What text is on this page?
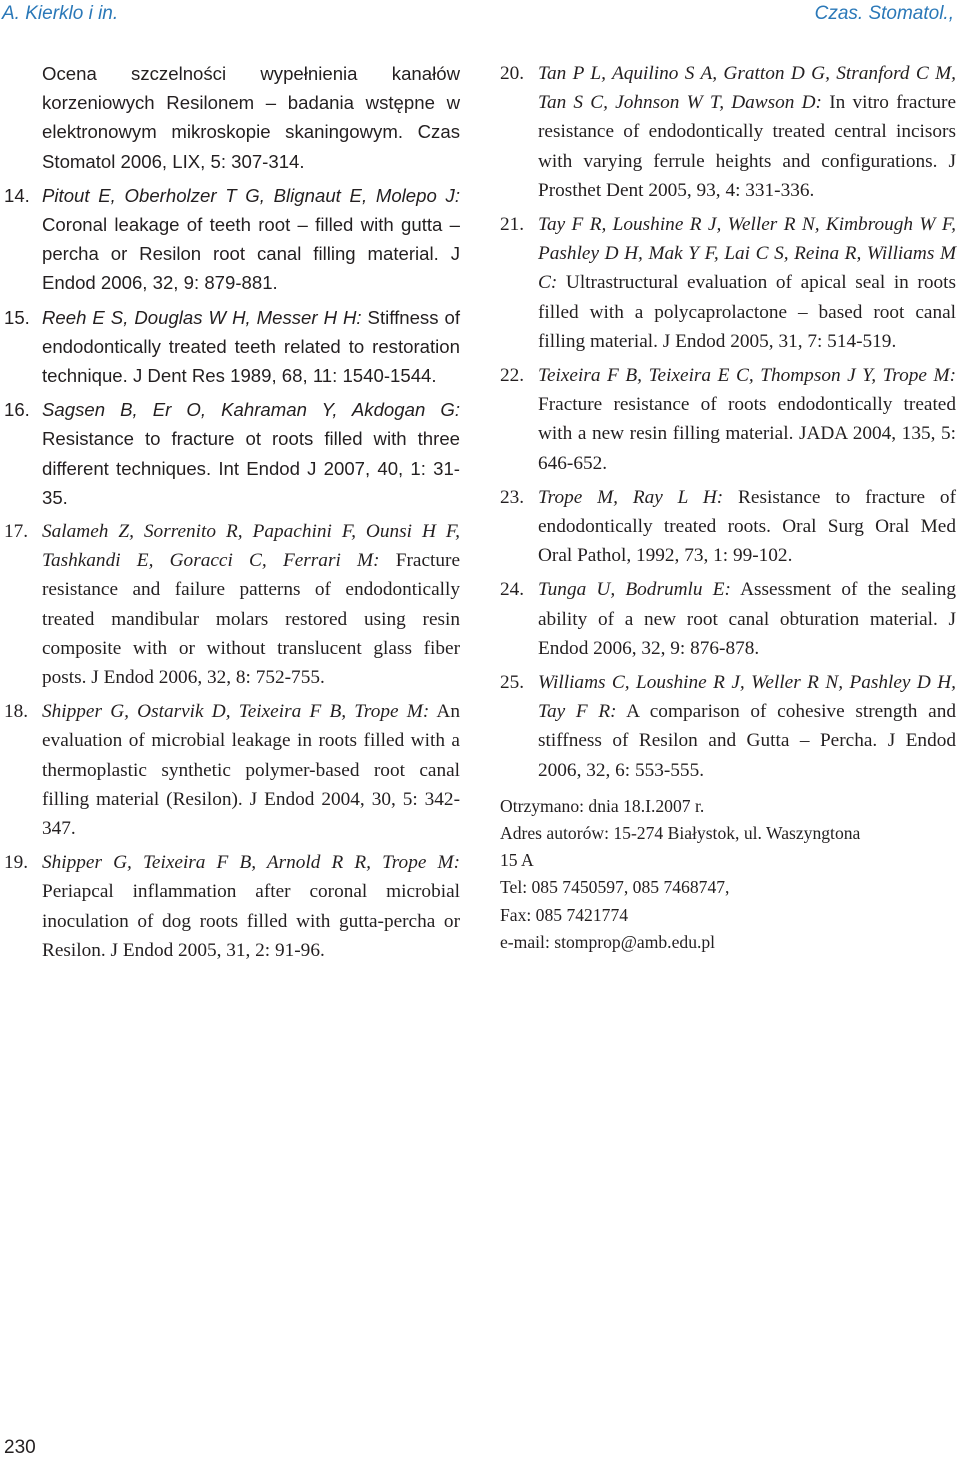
A. Kierklo i in.	Czas. Stomatol.,
Ocena szczelności wypełnienia kanałów korzeniowych Resilonem – badania wstępne w elektronowym mikroskopie skaningowym. Czas Stomatol 2006, LIX, 5: 307-314.
14. Pitout E, Oberholzer T G, Blignaut E, Molepo J: Coronal leakage of teeth root – filled with gutta – percha or Resilon root canal filling material. J Endod 2006, 32, 9: 879-881.
15. Reeh E S, Douglas W H, Messer H H: Stiffness of endodontically treated teeth related to restoration technique. J Dent Res 1989, 68, 11: 1540-1544.
16. Sagsen B, Er O, Kahraman Y, Akdogan G: Resistance to fracture ot roots filled with three different techniques. Int Endod J 2007, 40, 1: 31-35.
17. Salameh Z, Sorrenito R, Papachini F, Ounsi H F, Tashkandi E, Goracci C, Ferrari M: Fracture resistance and failure patterns of endodontically treated mandibular molars restored using resin composite with or without translucent glass fiber posts. J Endod 2006, 32, 8: 752-755.
18. Shipper G, Ostarvik D, Teixeira F B, Trope M: An evaluation of microbial leakage in roots filled with a thermoplastic synthetic polymer-based root canal filling material (Resilon). J Endod 2004, 30, 5: 342-347.
19. Shipper G, Teixeira F B, Arnold R R, Trope M: Periapcal inflammation after coronal microbial inoculation of dog roots filled with gutta-percha or Resilon. J Endod 2005, 31, 2: 91-96.
20. Tan P L, Aquilino S A, Gratton D G, Stranford C M, Tan S C, Johnson W T, Dawson D: In vitro fracture resistance of endodontically treated central incisors with varying ferrule heights and configurations. J Prosthet Dent 2005, 93, 4: 331-336.
21. Tay F R, Loushine R J, Weller R N, Kimbrough W F, Pashley D H, Mak Y F, Lai C S, Reina R, Williams M C: Ultrastructural evaluation of apical seal in roots filled with a polycaprolactone – based root canal filling material. J Endod 2005, 31, 7: 514-519.
22. Teixeira F B, Teixeira E C, Thompson J Y, Trope M: Fracture resistance of roots endodontically treated with a new resin filling material. JADA 2004, 135, 5: 646-652.
23. Trope M, Ray L H: Resistance to fracture of endodontically treated roots. Oral Surg Oral Med Oral Pathol, 1992, 73, 1: 99-102.
24. Tunga U, Bodrumlu E: Assessment of the sealing ability of a new root canal obturation material. J Endod 2006, 32, 9: 876-878.
25. Williams C, Loushine R J, Weller R N, Pashley D H, Tay F R: A comparison of cohesive strength and stiffness of Resilon and Gutta – Percha. J Endod 2006, 32, 6: 553-555.
Otrzymano: dnia 18.I.2007 r.
Adres autorów: 15-274 Białystok, ul. Waszyngtona
15 A
Tel: 085 7450597, 085 7468747,
Fax: 085 7421774
e-mail: stomprop@amb.edu.pl
230
